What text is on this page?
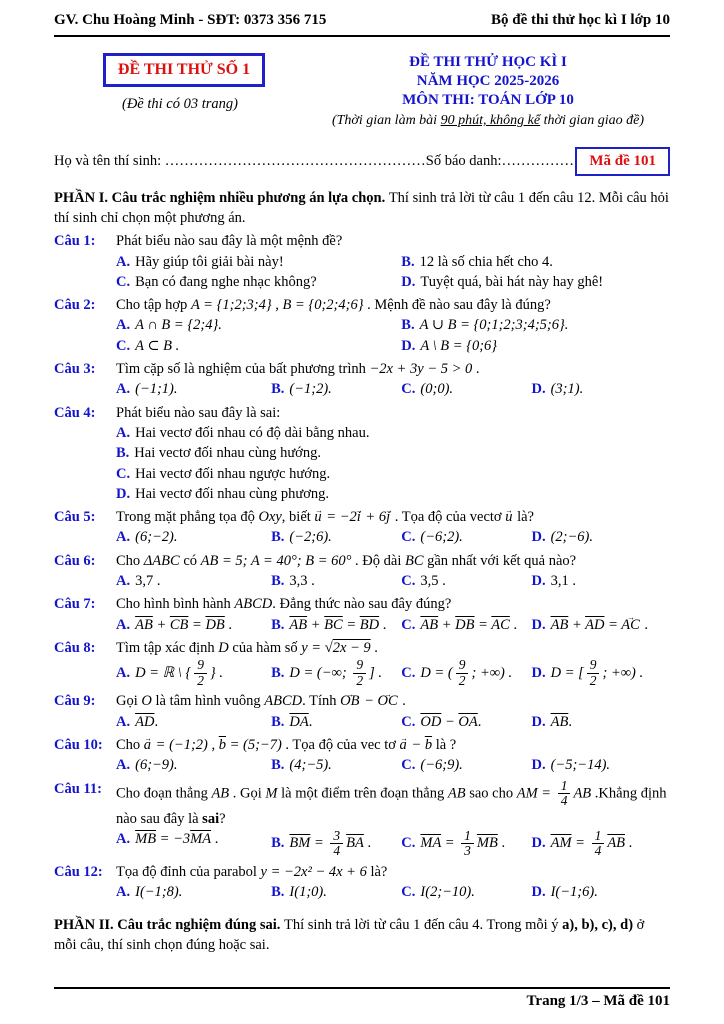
GV. Chu Hoàng Minh - SĐT: 0373 356 715	Bộ đề thi thử học kì I lớp 10
ĐỀ THI THỬ SỐ 1
(Đề thi có 03 trang)
ĐỀ THI THỬ HỌC KÌ I
NĂM HỌC 2025-2026
MÔN THI: TOÁN LỚP 10
(Thời gian làm bài 90 phút, không kể thời gian giao đề)
Họ và tên thí sinh: ………………………………………………Số báo danh:……………	Mã đề 101
PHẦN I. Câu trắc nghiệm nhiều phương án lựa chọn. Thí sinh trả lời từ câu 1 đến câu 12. Mỗi câu hỏi thí sinh chỉ chọn một phương án.
Câu 1:	Phát biểu nào sau đây là một mệnh đề?
A. Hãy giúp tôi giải bài này!	B. 12 là số chia hết cho 4.
C. Bạn có đang nghe nhạc không?	D. Tuyệt quá, bài hát này hay ghê!
Câu 2:	Cho tập hợp A = {1;2;3;4} , B = {0;2;4;6} . Mệnh đề nào sau đây là đúng?
A. A ∩ B = {2;4}.	B. A ∪ B = {0;1;2;3;4;5;6}.
C. A ⊂ B .	D. A \ B = {0;6}
Câu 3:	Tìm cặp số là nghiệm của bất phương trình −2x + 3y − 5 > 0 .
A. (−1;1).	B. (−1;2).	C. (0;0).	D. (3;1).
Câu 4:	Phát biểu nào sau đây là sai:
A. Hai vectơ đối nhau có độ dài bằng nhau.
B. Hai vectơ đối nhau cùng hướng.
C. Hai vectơ đối nhau ngược hướng.
D. Hai vectơ đối nhau cùng phương.
Câu 5:	Trong mặt phẳng tọa độ Oxy, biết u → = −2i → + 6j → . Tọa độ của vectơ u → là?
A. (6;−2).	B. (−2;6).	C. (−6;2).	D. (2;−6).
Câu 6:	Cho ΔABC có AB = 5; A = 40°; B = 60° . Độ dài BC gần nhất với kết quả nào?
A. 3,7 .	B. 3,3 .	C. 3,5 .	D. 3,1 .
Câu 7:	Cho hình bình hành ABCD. Đẳng thức nào sau đây đúng?
A. $\overline{AB} + \overline{CB} = \overline{DB}$ .	B. $\overline{AB} + \overline{BC} = \overline{BD}$ .	C. $\overline{AB} + \overline{DB} = \overline{AC}$ . D. $\overline{AB} + \overline{AD}$ = AC → .
Câu 8:	Tìm tập xác định D của hàm số y = √2x − 9 .
A. D = ℝ \ { $\frac{9}{2}$ } .	B. D = (−∞; $\frac{9}{2}$ ] .	C. D = ( $\frac{9}{2}$ ; +∞) .	D. D = [ $\frac{9}{2}$ ; +∞) .
Câu 9:	Gọi O là tâm hình vuông ABCD. Tính OB → − OC → .
A. $\overline{AD}$.	B. $\overline{DA}$.	C. $\overline{OD} - \overline{OA}$.	D. $\overline{AB}$.
Câu 10: Cho a → = (−1;2) , $\overline{b}$ = (5;−7) . Tọa độ của vec tơ a → − $\overline{b}$ là ?
A. (6;−9).	B. (4;−5).	C. (−6;9).	D. (−5;−14).
Câu 11: Cho đoạn thẳng AB . Gọi M là một điểm trên đoạn thẳng AB sao cho AM = $\frac{1}{4}$ AB .Khẳng định nào sau đây là sai?
A. $\overline{MB} = -3\overline{MA}$ .	B. $\overline{BM} = \frac{3}{4} \overline{BA}$ .	C. $\overline{MA} = \frac{1}{3} \overline{MB}$ .	D. $\overline{AM} = \frac{1}{4} \overline{AB}$ .
Câu 12: Tọa độ đỉnh của parabol y = −2x² − 4x + 6 là?
A. I(−1;8).	B. I(1;0).	C. I(2;−10).	D. I(−1;6).
PHẦN II. Câu trắc nghiệm đúng sai. Thí sinh trả lời từ câu 1 đến câu 4. Trong mỗi ý a), b), c), d) ở mỗi câu, thí sinh chọn đúng hoặc sai.
Trang 1/3 – Mã đề 101
